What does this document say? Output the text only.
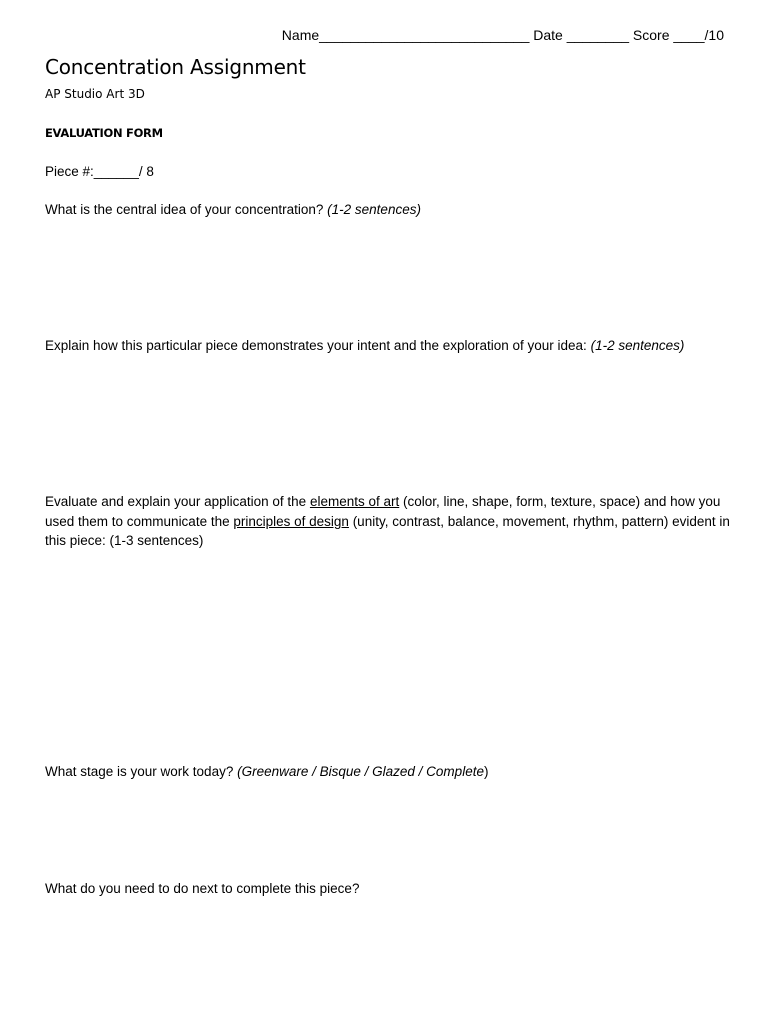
Name___________________________ Date ________ Score ____/10
Concentration Assignment
AP Studio Art 3D
EVALUATION FORM
Piece #:______/ 8
What is the central idea of your concentration? (1-2 sentences)
Explain how this particular piece demonstrates your intent and the exploration of your idea: (1-2 sentences)
Evaluate and explain your application of the elements of art (color, line, shape, form, texture, space) and how you used them to communicate the principles of design (unity, contrast, balance, movement, rhythm, pattern) evident in this piece: (1-3 sentences)
What stage is your work today? (Greenware / Bisque / Glazed / Complete)
What do you need to do next to complete this piece?
